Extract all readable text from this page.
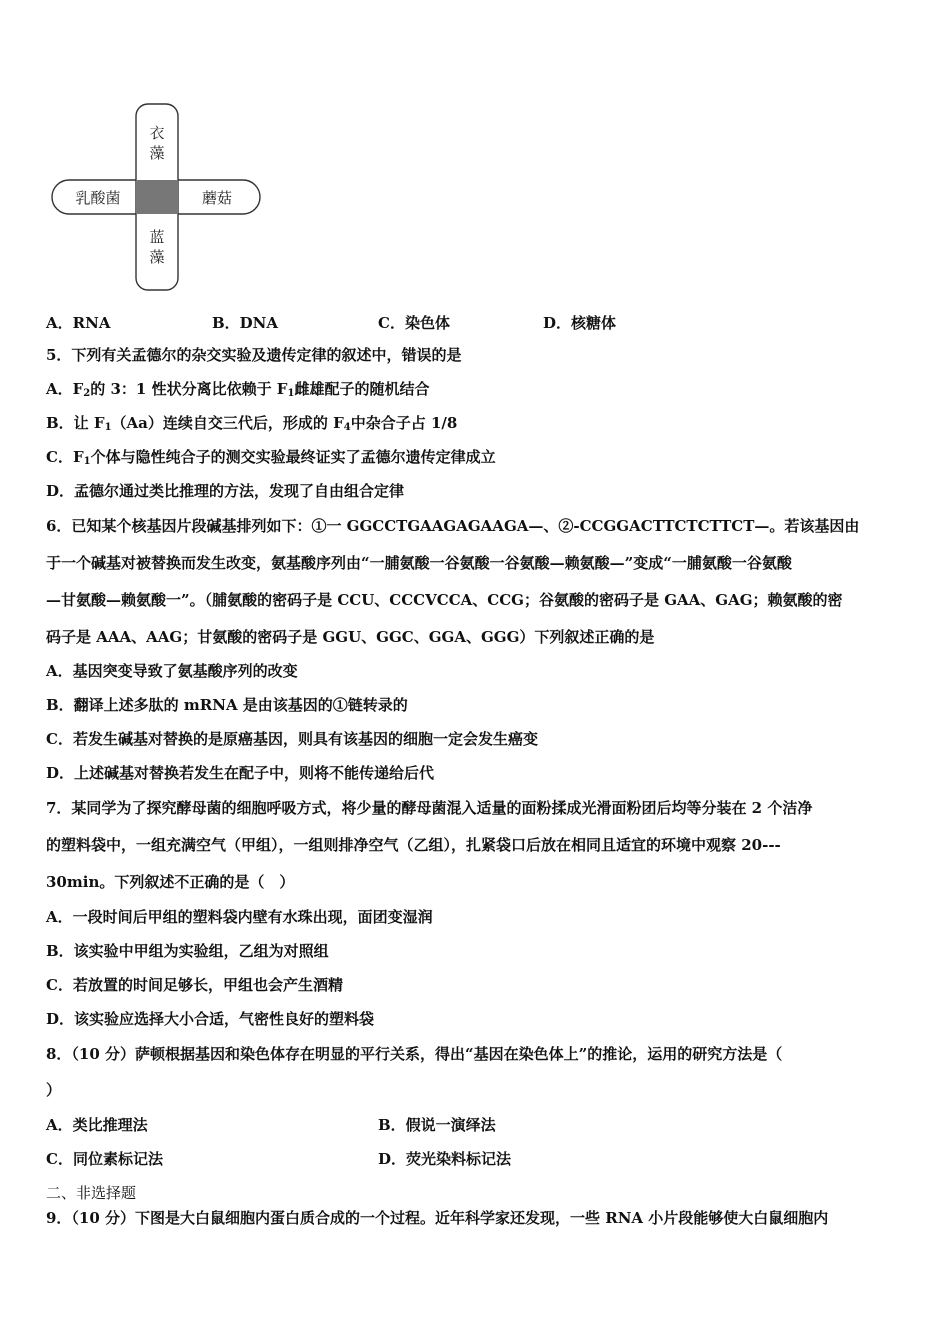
衣
藻
乳酸菌	蘑菇
蓝
藻
A．RNA	B．DNA	C．染色体	D．核糖体
5．下列有关孟德尔的杂交实验及遗传定律的叙述中，错误的是
A．$F_2$的 3：1 性状分离比依赖于 $F_1$雌雄配子的随机结合
B．让 $F_1(Aa)$连续自交三代后，形成的 $F_4$中杂合子占 1/8
C．$F_1$个体与隐性纯合子的测交实验最终证实了孟德尔遗传定律成立
D．孟德尔通过类比推理的方法，发现了自由组合定律
6．已知某个核基因片段碱基排列如下：①一 GGCCTGAAGAGAAGA—、②-CCGGACTTCTCTTCT—。若该基因由
于一个碱基对被替换而发生改变，氨基酸序列由“一脯氨酸一谷氨酸一谷氨酸—赖氨酸—”变成“一脯氨酸一谷氨酸
—甘氨酸—赖氨酸一”。（脯氨酸的密码子是 CCU、CCCVCCA、CCG；谷氨酸的密码子是 GAA、GAG；赖氨酸的密
码子是 AAA、AAG；甘氨酸的密码子是 GGU、GGC、GGA、GGG）下列叙述正确的是
A．基因突变导致了氨基酸序列的改变
B．翻译上述多肽的 mRNA 是由该基因的①链转录的
C．若发生碱基对替换的是原癌基因，则具有该基因的细胞一定会发生癌变
D．上述碱基对替换若发生在配子中，则将不能传递给后代
7．某同学为了探究酵母菌的细胞呼吸方式，将少量的酵母菌混入适量的面粉揉成光滑面粉团后均等分装在 2 个洁净
的塑料袋中，一组充满空气（甲组），一组则排净空气（乙组），扎紧袋口后放在相同且适宜的环境中观察 20---
30min。下列叙述不正确的是（　）
A．一段时间后甲组的塑料袋内壁有水珠出现，面团变湿润
B．该实验中甲组为实验组，乙组为对照组
C．若放置的时间足够长，甲组也会产生酒精
D．该实验应选择大小合适，气密性良好的塑料袋
8．（10 分）萨顿根据基因和染色体存在明显的平行关系，得出“基因在染色体上”的推论，运用的研究方法是（
）
A．类比推理法	B．假说一演绎法
C．同位素标记法	D．荧光染料标记法
二、非选择题
9．（10 分）下图是大白鼠细胞内蛋白质合成的一个过程。近年科学家还发现，一些 RNA 小片段能够使大白鼠细胞内
